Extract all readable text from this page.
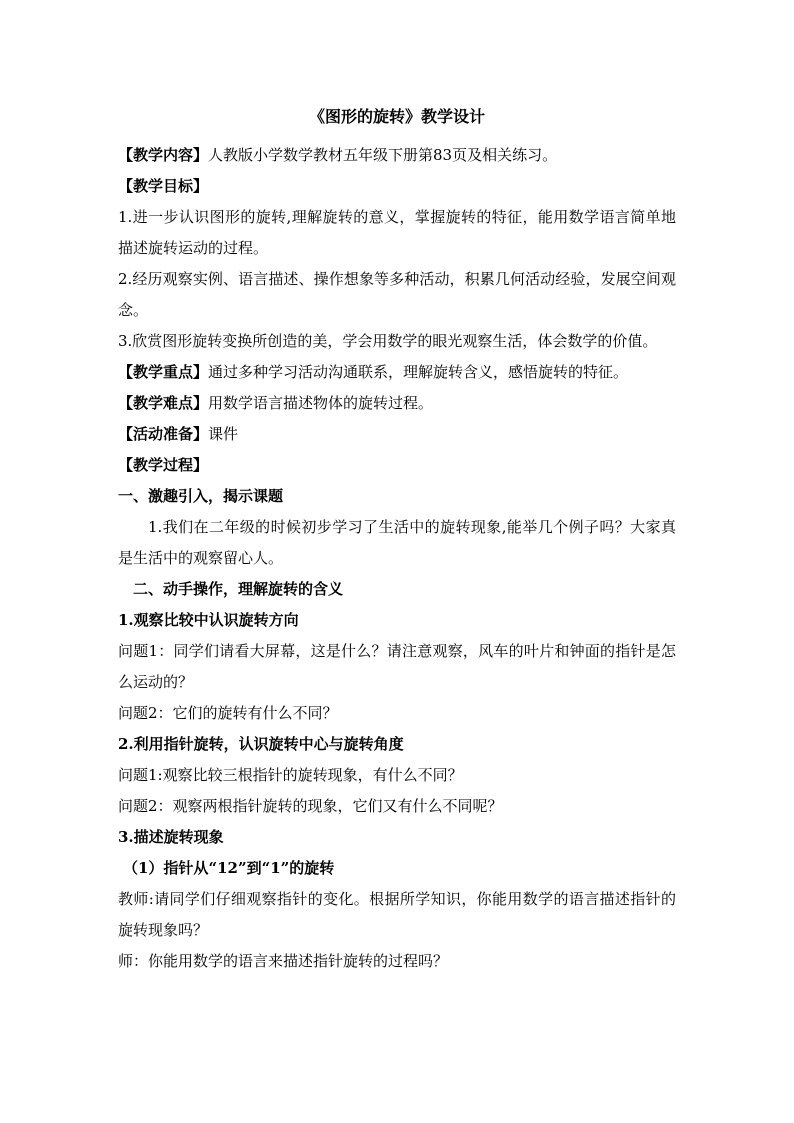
《图形的旋转》教学设计

【教学内容】人教版小学数学教材五年级下册第83页及相关练习。

【教学目标】

1.进一步认识图形的旋转,理解旋转的意义，掌握旋转的特征，能用数学语言简单地描述旋转运动的过程。

2.经历观察实例、语言描述、操作想象等多种活动，积累几何活动经验，发展空间观念。

3.欣赏图形旋转变换所创造的美，学会用数学的眼光观察生活，体会数学的价值。

【教学重点】通过多种学习活动沟通联系，理解旋转含义，感悟旋转的特征。

【教学难点】用数学语言描述物体的旋转过程。

【活动准备】课件

【教学过程】

一、激趣引入，揭示课题

1.我们在二年级的时候初步学习了生活中的旋转现象,能举几个例子吗？大家真是生活中的观察留心人。

二、动手操作，理解旋转的含义

1.观察比较中认识旋转方向

问题1：同学们请看大屏幕，这是什么？请注意观察，风车的叶片和钟面的指针是怎么运动的？

问题2：它们的旋转有什么不同？

2.利用指针旋转，认识旋转中心与旋转角度

问题1:观察比较三根指针的旋转现象，有什么不同？

问题2：观察两根指针旋转的现象，它们又有什么不同呢？

3.描述旋转现象

（1）指针从“12”到“1”的旋转

教师:请同学们仔细观察指针的变化。根据所学知识，你能用数学的语言描述指针的旋转现象吗？

师：你能用数学的语言来描述指针旋转的过程吗？
